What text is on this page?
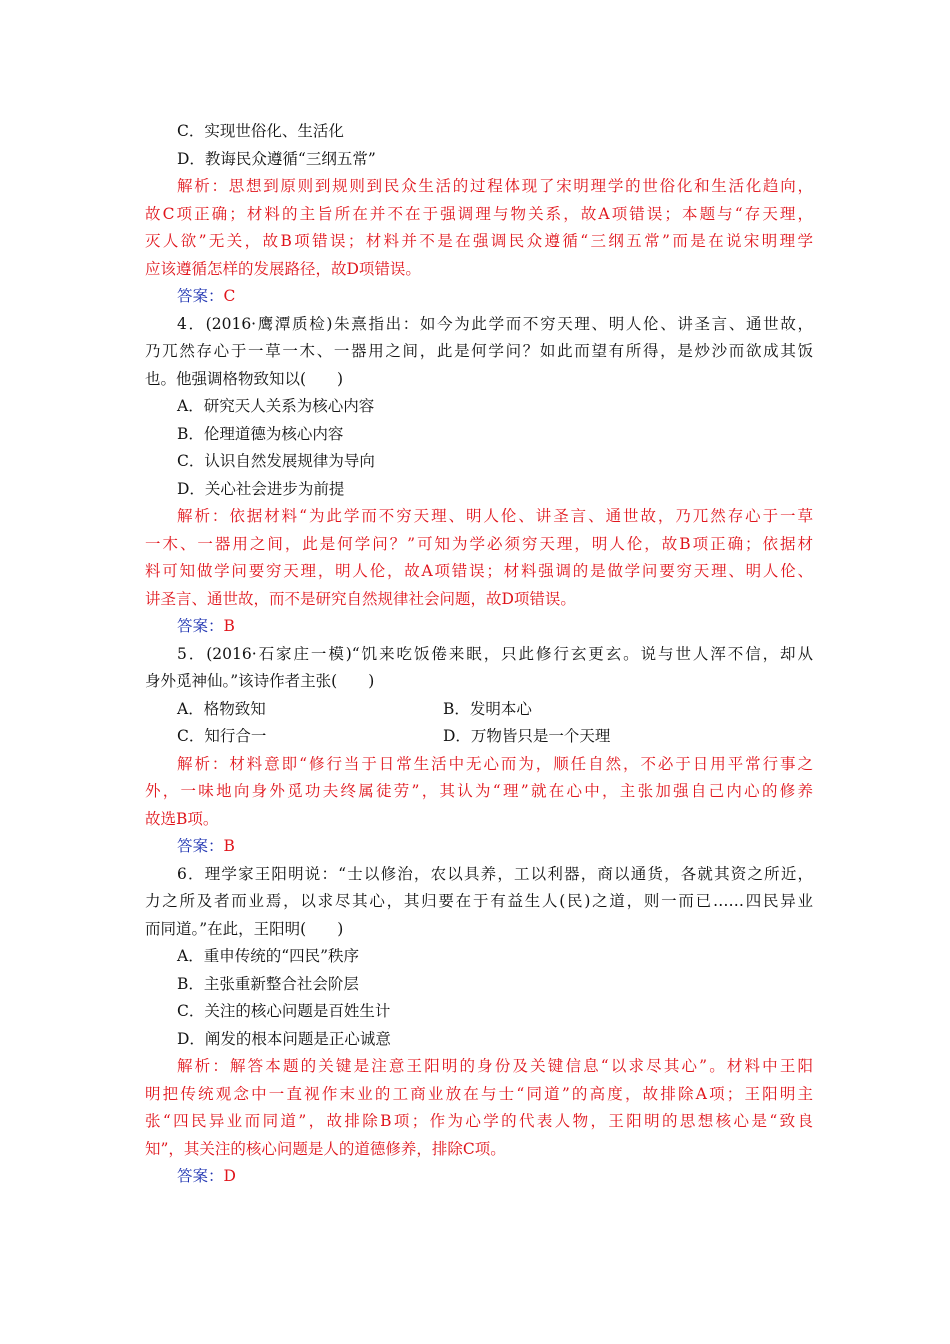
C．实现世俗化、生活化
D．教诲民众遵循“三纲五常”
解析：思想到原则到规则到民众生活的过程体现了宋明理学的世俗化和生活化趋向，
故C项正确；材料的主旨所在并不在于强调理与物关系，故A项错误；本题与“存天理，
灭人欲”无关，故B项错误；材料并不是在强调民众遵循“三纲五常”而是在说宋明理学
应该遵循怎样的发展路径，故D项错误。
答案：C
4．(2016·鹰潭质检)朱熹指出：如今为此学而不穷天理、明人伦、讲圣言、通世故，
乃兀然存心于一草一木、一器用之间，此是何学问？如此而望有所得，是炒沙而欲成其饭
也。他强调格物致知以(　　)
A．研究天人关系为核心内容
B．伦理道德为核心内容
C．认识自然发展规律为导向
D．关心社会进步为前提
解析：依据材料“为此学而不穷天理、明人伦、讲圣言、通世故，乃兀然存心于一草
一木、一器用之间，此是何学问？”可知为学必须穷天理，明人伦，故B项正确；依据材
料可知做学问要穷天理，明人伦，故A项错误；材料强调的是做学问要穷天理、明人伦、
讲圣言、通世故，而不是研究自然规律社会问题，故D项错误。
答案：B
5．(2016·石家庄一模)“饥来吃饭倦来眠，只此修行玄更玄。说与世人浑不信，却从
身外觅神仙。”该诗作者主张(　　)
A．格物致知	B．发明本心
C．知行合一	D．万物皆只是一个天理
解析：材料意即“修行当于日常生活中无心而为，顺任自然，不必于日用平常行事之
外，一味地向身外觅功夫终属徒劳”，其认为“理”就在心中，主张加强自己内心的修养
故选B项。
答案：B
6．理学家王阳明说：“士以修治，农以具养，工以利器，商以通货，各就其资之所近，
力之所及者而业焉，以求尽其心，其归要在于有益生人(民)之道，则一而已……四民异业
而同道。”在此，王阳明(　　)
A．重申传统的“四民”秩序
B．主张重新整合社会阶层
C．关注的核心问题是百姓生计
D．阐发的根本问题是正心诚意
解析：解答本题的关键是注意王阳明的身份及关键信息“以求尽其心”。材料中王阳
明把传统观念中一直视作末业的工商业放在与士“同道”的高度，故排除A项；王阳明主
张“四民异业而同道”，故排除B项；作为心学的代表人物，王阳明的思想核心是“致良
知”，其关注的核心问题是人的道德修养，排除C项。
答案：D
